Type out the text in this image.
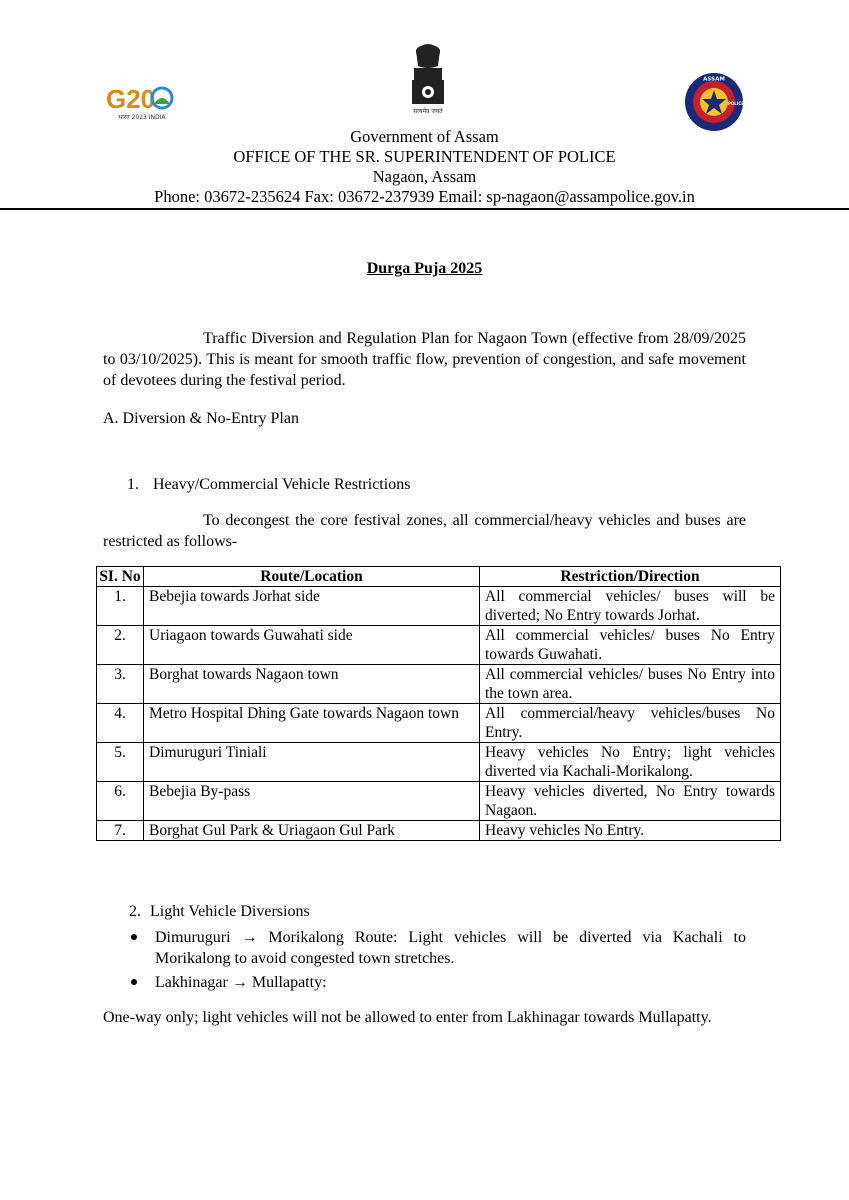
G20
भारत 2023 INDIA
सत्यमेव जयते
ASSAM
POLICE
Government of Assam
OFFICE OF THE SR. SUPERINTENDENT OF POLICE
Nagaon, Assam
Phone: 03672-235624 Fax: 03672-237939 Email: sp-nagaon@assampolice.gov.in
Durga Puja 2025
Traffic Diversion and Regulation Plan for Nagaon Town (effective from 28/09/2025 to 03/10/2025). This is meant for smooth traffic flow, prevention of congestion, and safe movement of devotees during the festival period.
A. Diversion & No-Entry Plan
1. Heavy/Commercial Vehicle Restrictions
To decongest the core festival zones, all commercial/heavy vehicles and buses are restricted as follows-
SI. No	Route/Location	Restriction/Direction
1.	Bebejia towards Jorhat side	All commercial vehicles/ buses will be diverted; No Entry towards Jorhat.
2.	Uriagaon towards Guwahati side	All commercial vehicles/ buses No Entry towards Guwahati.
3.	Borghat towards Nagaon town	All commercial vehicles/ buses No Entry into the town area.
4.	Metro Hospital Dhing Gate towards Nagaon town	All commercial/heavy vehicles/buses No Entry.
5.	Dimuruguri Tiniali	Heavy vehicles No Entry; light vehicles diverted via Kachali-Morikalong.
6.	Bebejia By-pass	Heavy vehicles diverted, No Entry towards Nagaon.
7.	Borghat Gul Park & Uriagaon Gul Park	Heavy vehicles No Entry.
2. Light Vehicle Diversions
Dimuruguri → Morikalong Route: Light vehicles will be diverted via Kachali to Morikalong to avoid congested town stretches.
Lakhinagar → Mullapatty:
One-way only; light vehicles will not be allowed to enter from Lakhinagar towards Mullapatty.
